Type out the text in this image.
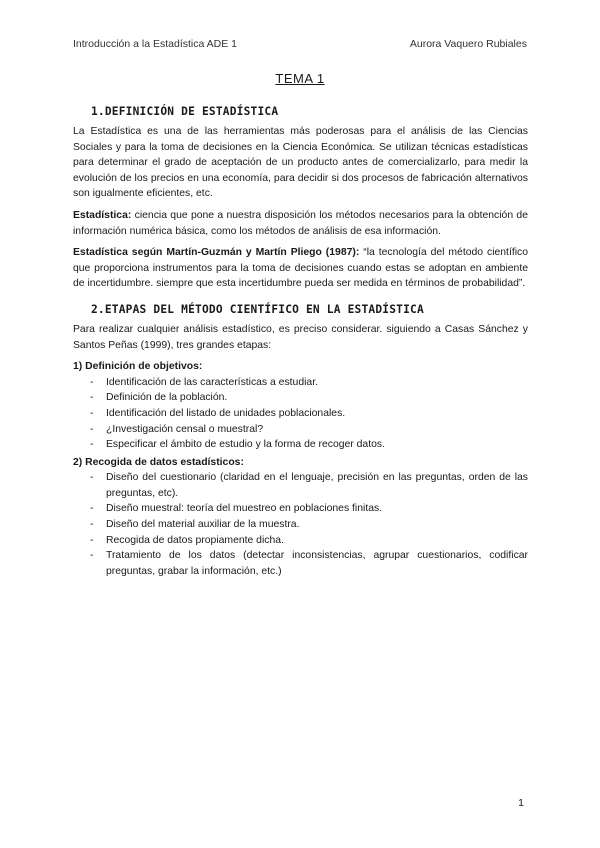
Introducción a la Estadística ADE 1	Aurora Vaquero Rubiales
TEMA 1
1.DEFINICIÓN DE ESTADÍSTICA

La Estadística es una de las herramientas más poderosas para el análisis de las Ciencias Sociales y para la toma de decisiones en la Ciencia Económica. Se utilizan técnicas estadísticas para determinar el grado de aceptación de un producto antes de comercializarlo, para medir la evolución de los precios en una economía, para decidir si dos procesos de fabricación alternativos son igualmente eficientes, etc.

Estadística: ciencia que pone a nuestra disposición los métodos necesarios para la obtención de información numérica básica, como los métodos de análisis de esa información.

Estadística según Martín-Guzmán y Martín Pliego (1987): “la tecnología del método científico que proporciona instrumentos para la toma de decisiones cuando estas se adoptan en ambiente de incertidumbre. siempre que esta incertidumbre pueda ser medida en términos de probabilidad”.

2.ETAPAS DEL MÉTODO CIENTÍFICO EN LA ESTADÍSTICA

Para realizar cualquier análisis estadístico, es preciso considerar. siguiendo a Casas Sánchez y Santos Peñas (1999), tres grandes etapas:

1) Definición de objetivos:
- Identificación de las características a estudiar.
- Definición de la población.
- Identificación del listado de unidades poblacionales.
- ¿Investigación censal o muestral?
- Especificar el ámbito de estudio y la forma de recoger datos.
2) Recogida de datos estadísticos:
- Diseño del cuestionario (claridad en el lenguaje, precisión en las preguntas, orden de las preguntas, etc).
- Diseño muestral: teoría del muestreo en poblaciones finitas.
- Diseño del material auxiliar de la muestra.
- Recogida de datos propiamente dicha.
- Tratamiento de los datos (detectar inconsistencias, agrupar cuestionarios, codificar preguntas, grabar la información, etc.)
1
